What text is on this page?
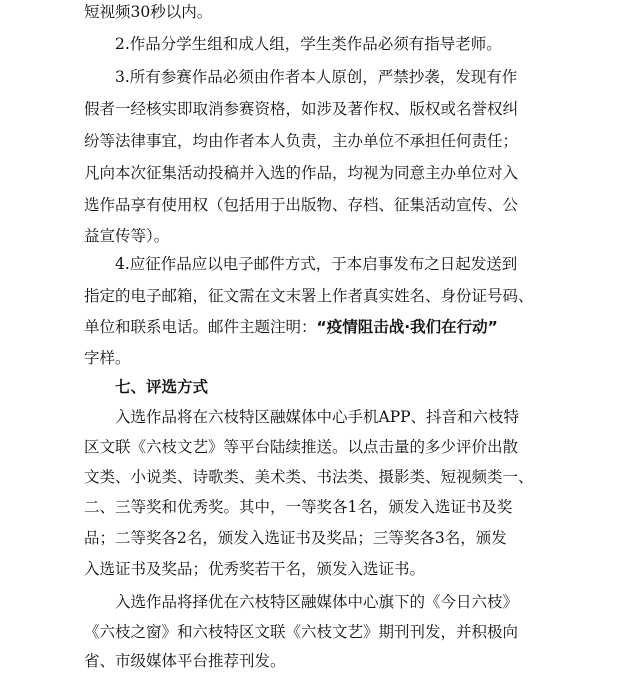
短视频30秒以内。
2.作品分学生组和成人组，学生类作品必须有指导老师。
3.所有参赛作品必须由作者本人原创，严禁抄袭，发现有作
假者一经核实即取消参赛资格，如涉及著作权、版权或名誉权纠
纷等法律事宜，均由作者本人负责，主办单位不承担任何责任；
凡向本次征集活动投稿并入选的作品，均视为同意主办单位对入
选作品享有使用权（包括用于出版物、存档、征集活动宣传、公
益宣传等）。
4.应征作品应以电子邮件方式，于本启事发布之日起发送到
指定的电子邮箱，征文需在文末署上作者真实姓名、身份证号码、
单位和联系电话。邮件主题注明：“疫情阻击战·我们在行动”
字样。
七、评选方式
入选作品将在六枝特区融媒体中心手机APP、抖音和六枝特
区文联《六枝文艺》等平台陆续推送。以点击量的多少评价出散
文类、小说类、诗歌类、美术类、书法类、摄影类、短视频类一、
二、三等奖和优秀奖。其中，一等奖各1名，颁发入选证书及奖
品；二等奖各2名，颁发入选证书及奖品；三等奖各3名，颁发
入选证书及奖品；优秀奖若干名，颁发入选证书。
入选作品将择优在六枝特区融媒体中心旗下的《今日六枝》
《六枝之窗》和六枝特区文联《六枝文艺》期刊刊发，并积极向
省、市级媒体平台推荐刊发。
